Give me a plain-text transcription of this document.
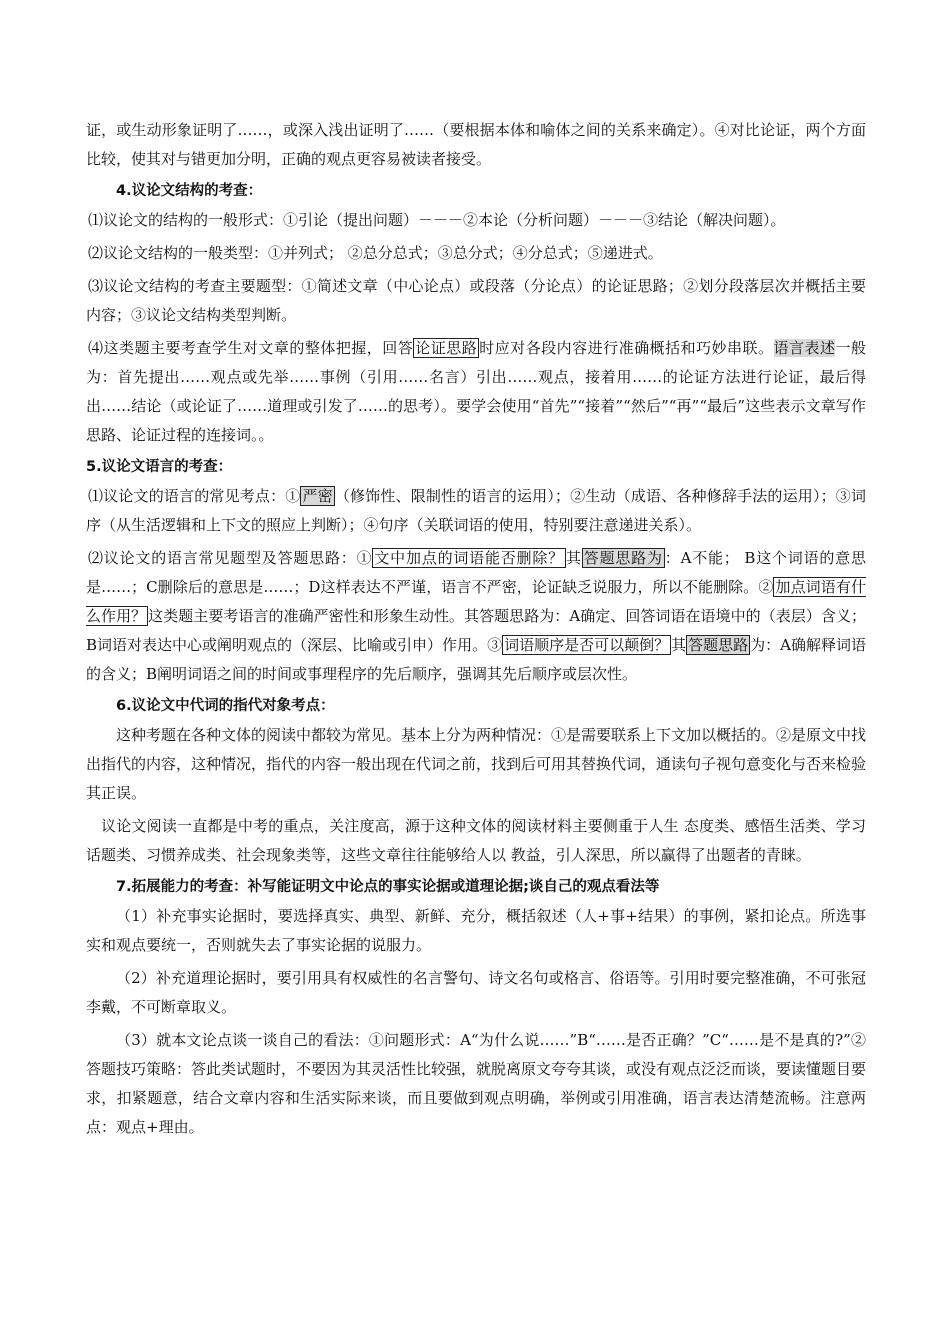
证，或生动形象证明了……，或深入浅出证明了……（要根据本体和喻体之间的关系来确定）。④对比论证，两个方面比较，使其对与错更加分明，正确的观点更容易被读者接受。

4.议论文结构的考查：

⑴议论文的结构的一般形式：①引论（提出问题）－－－②本论（分析问题）－－－③结论（解决问题）。

⑵议论文结构的一般类型：①并列式； ②总分总式；③总分式；④分总式；⑤递进式。

⑶议论文结构的考查主要题型：①简述文章（中心论点）或段落（分论点）的论证思路；②划分段落层次并概括主要内容；③议论文结构类型判断。

⑷这类题主要考查学生对文章的整体把握，回答 论证思路 时应对各段内容进行准确概括和巧妙串联。语言表述一般为：首先提出……观点或先举……事例（引用……名言）引出……观点，接着用……的论证方法进行论证，最后得出……结论（或论证了……道理或引发了……的思考）。要学会使用“首先”“接着”“然后”“再”“最后”这些表示文章写作思路、论证过程的连接词。。

5.议论文语言的考查：

⑴议论文的语言的常见考点：① 严密 （修饰性、限制性的语言的运用）；②生动（成语、各种修辞手法的运用）；③词序（从生活逻辑和上下文的照应上判断）；④句序（关联词语的使用，特别要注意递进关系）。

⑵议论文的语言常见题型及答题思路：① 文中加点的词语能否删除？ 其 答题思路为 ：A不能； B这个词语的意思是……；C删除后的意思是……；D这样表达不严谨，语言不严密，论证缺乏说服力，所以不能删除。② 加点词语有什么作用？ 这类题主要考语言的准确严密性和形象生动性。其答题思路为：A确定、回答词语在语境中的（表层）含义；B词语对表达中心或阐明观点的（深层、比喻或引申）作用。③ 词语顺序是否可以颠倒？ 其 答题思路 为：A确解释词语的含义；B阐明词语之间的时间或事理程序的先后顺序，强调其先后顺序或层次性。

6.议论文中代词的指代对象考点：

这种考题在各种文体的阅读中都较为常见。基本上分为两种情况：①是需要联系上下文加以概括的。②是原文中找出指代的内容，这种情况，指代的内容一般出现在代词之前，找到后可用其替换代词，通读句子视句意变化与否来检验其正误。

议论文阅读一直都是中考的重点，关注度高，源于这种文体的阅读材料主要侧重于人生 态度类、感悟生活类、学习话题类、习惯养成类、社会现象类等，这些文章往往能够给人以 教益，引人深思，所以赢得了出题者的青睐。

7.拓展能力的考查：补写能证明文中论点的事实论据或道理论据;谈自己的观点看法等

（1）补充事实论据时，要选择真实、典型、新鲜、充分，概括叙述（人+事+结果）的事例，紧扣论点。所选事实和观点要统一，否则就失去了事实论据的说服力。

（2）补充道理论据时，要引用具有权威性的名言警句、诗文名句或格言、俗语等。引用时要完整准确，不可张冠李戴，不可断章取义。

（3）就本文论点谈一谈自己的看法：①问题形式：A“为什么说……”B“……是否正确？”C“……是不是真的?”② 答题技巧策略：答此类试题时，不要因为其灵活性比较强，就脱离原文夸夸其谈，或没有观点泛泛而谈，要读懂题目要求，扣紧题意，结合文章内容和生活实际来谈，而且要做到观点明确，举例或引用准确，语言表达清楚流畅。注意两点：观点+理由。
